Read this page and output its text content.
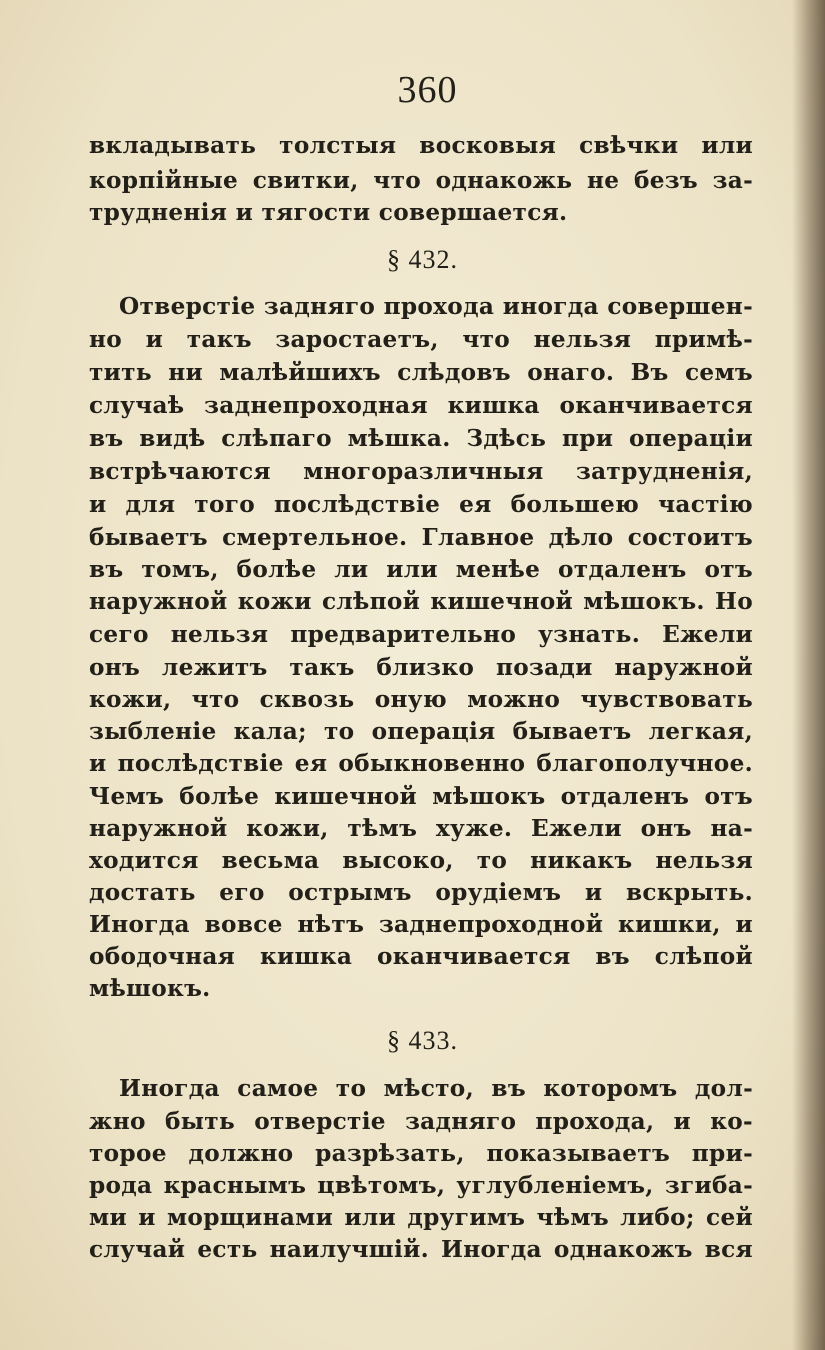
360
вкладывать толстыя восковыя свѣчки или
корпійные свитки, что однакожь не безъ за-
трудненія и тягости совершается.
§ 432.
Отверстіе задняго прохода иногда совершен-
но и такъ заростаетъ, что нельзя примѣ-
тить ни малѣйшихъ слѣдовъ онаго. Въ семъ
случаѣ заднепроходная кишка оканчивается
въ видѣ слѣпаго мѣшка. Здѣсь при операціи
встрѣчаются многоразличныя затрудненія,
и для того послѣдствіе ея большею частію
бываетъ смертельное. Главное дѣло состоитъ
въ томъ, болѣе ли или менѣе отдаленъ отъ
наружной кожи слѣпой кишечной мѣшокъ. Но
сего нельзя предварительно узнать. Ежели
онъ лежитъ такъ близко позади наружной
кожи, что сквозь оную можно чувствовать
зыбленіе кала; то операція бываетъ легкая,
и послѣдствіе ея обыкновенно благополучное.
Чемъ болѣе кишечной мѣшокъ отдаленъ отъ
наружной кожи, тѣмъ хуже. Ежели онъ на-
ходится весьма высоко, то никакъ нельзя
достать его острымъ орудіемъ и вскрыть.
Иногда вовсе нѣтъ заднепроходной кишки, и
ободочная кишка оканчивается въ слѣпой
мѣшокъ.
§ 433.
Иногда самое то мѣсто, въ которомъ дол-
жно быть отверстіе задняго прохода, и ко-
торое должно разрѣзать, показываетъ при-
рода краснымъ цвѣтомъ, углубленіемъ, згиба-
ми и морщинами или другимъ чѣмъ либо; сей
случай есть наилучшій. Иногда однакожъ вся
